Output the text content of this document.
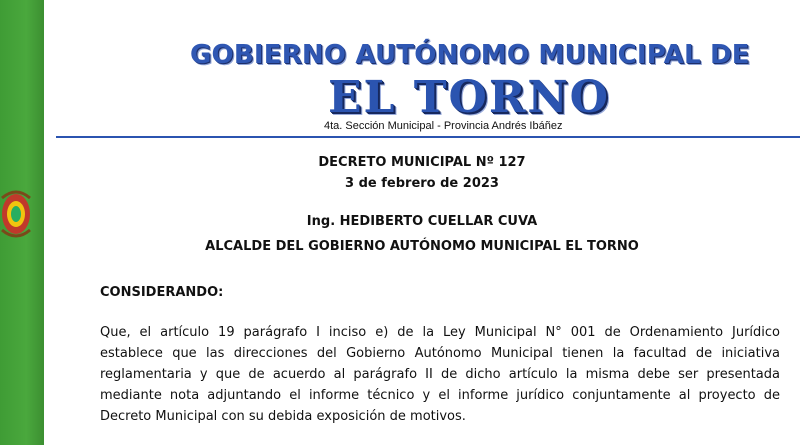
GOBIERNO AUTÓNOMO MUNICIPAL DE
EL TORNO
4ta. Sección Municipal - Provincia Andrés Ibáñez
DECRETO MUNICIPAL Nº 127
3 de febrero de 2023
Ing. HEDIBERTO CUELLAR CUVA
ALCALDE DEL GOBIERNO AUTÓNOMO MUNICIPAL EL TORNO
CONSIDERANDO:
Que, el artículo 19 parágrafo I inciso e) de la Ley Municipal N° 001 de Ordenamiento Jurídico
establece que las direcciones del Gobierno Autónomo Municipal tienen la facultad de iniciativa
reglamentaria y que de acuerdo al parágrafo II de dicho artículo la misma debe ser presentada
mediante nota adjuntando el informe técnico y el informe jurídico conjuntamente al proyecto de
Decreto Municipal con su debida exposición de motivos.
